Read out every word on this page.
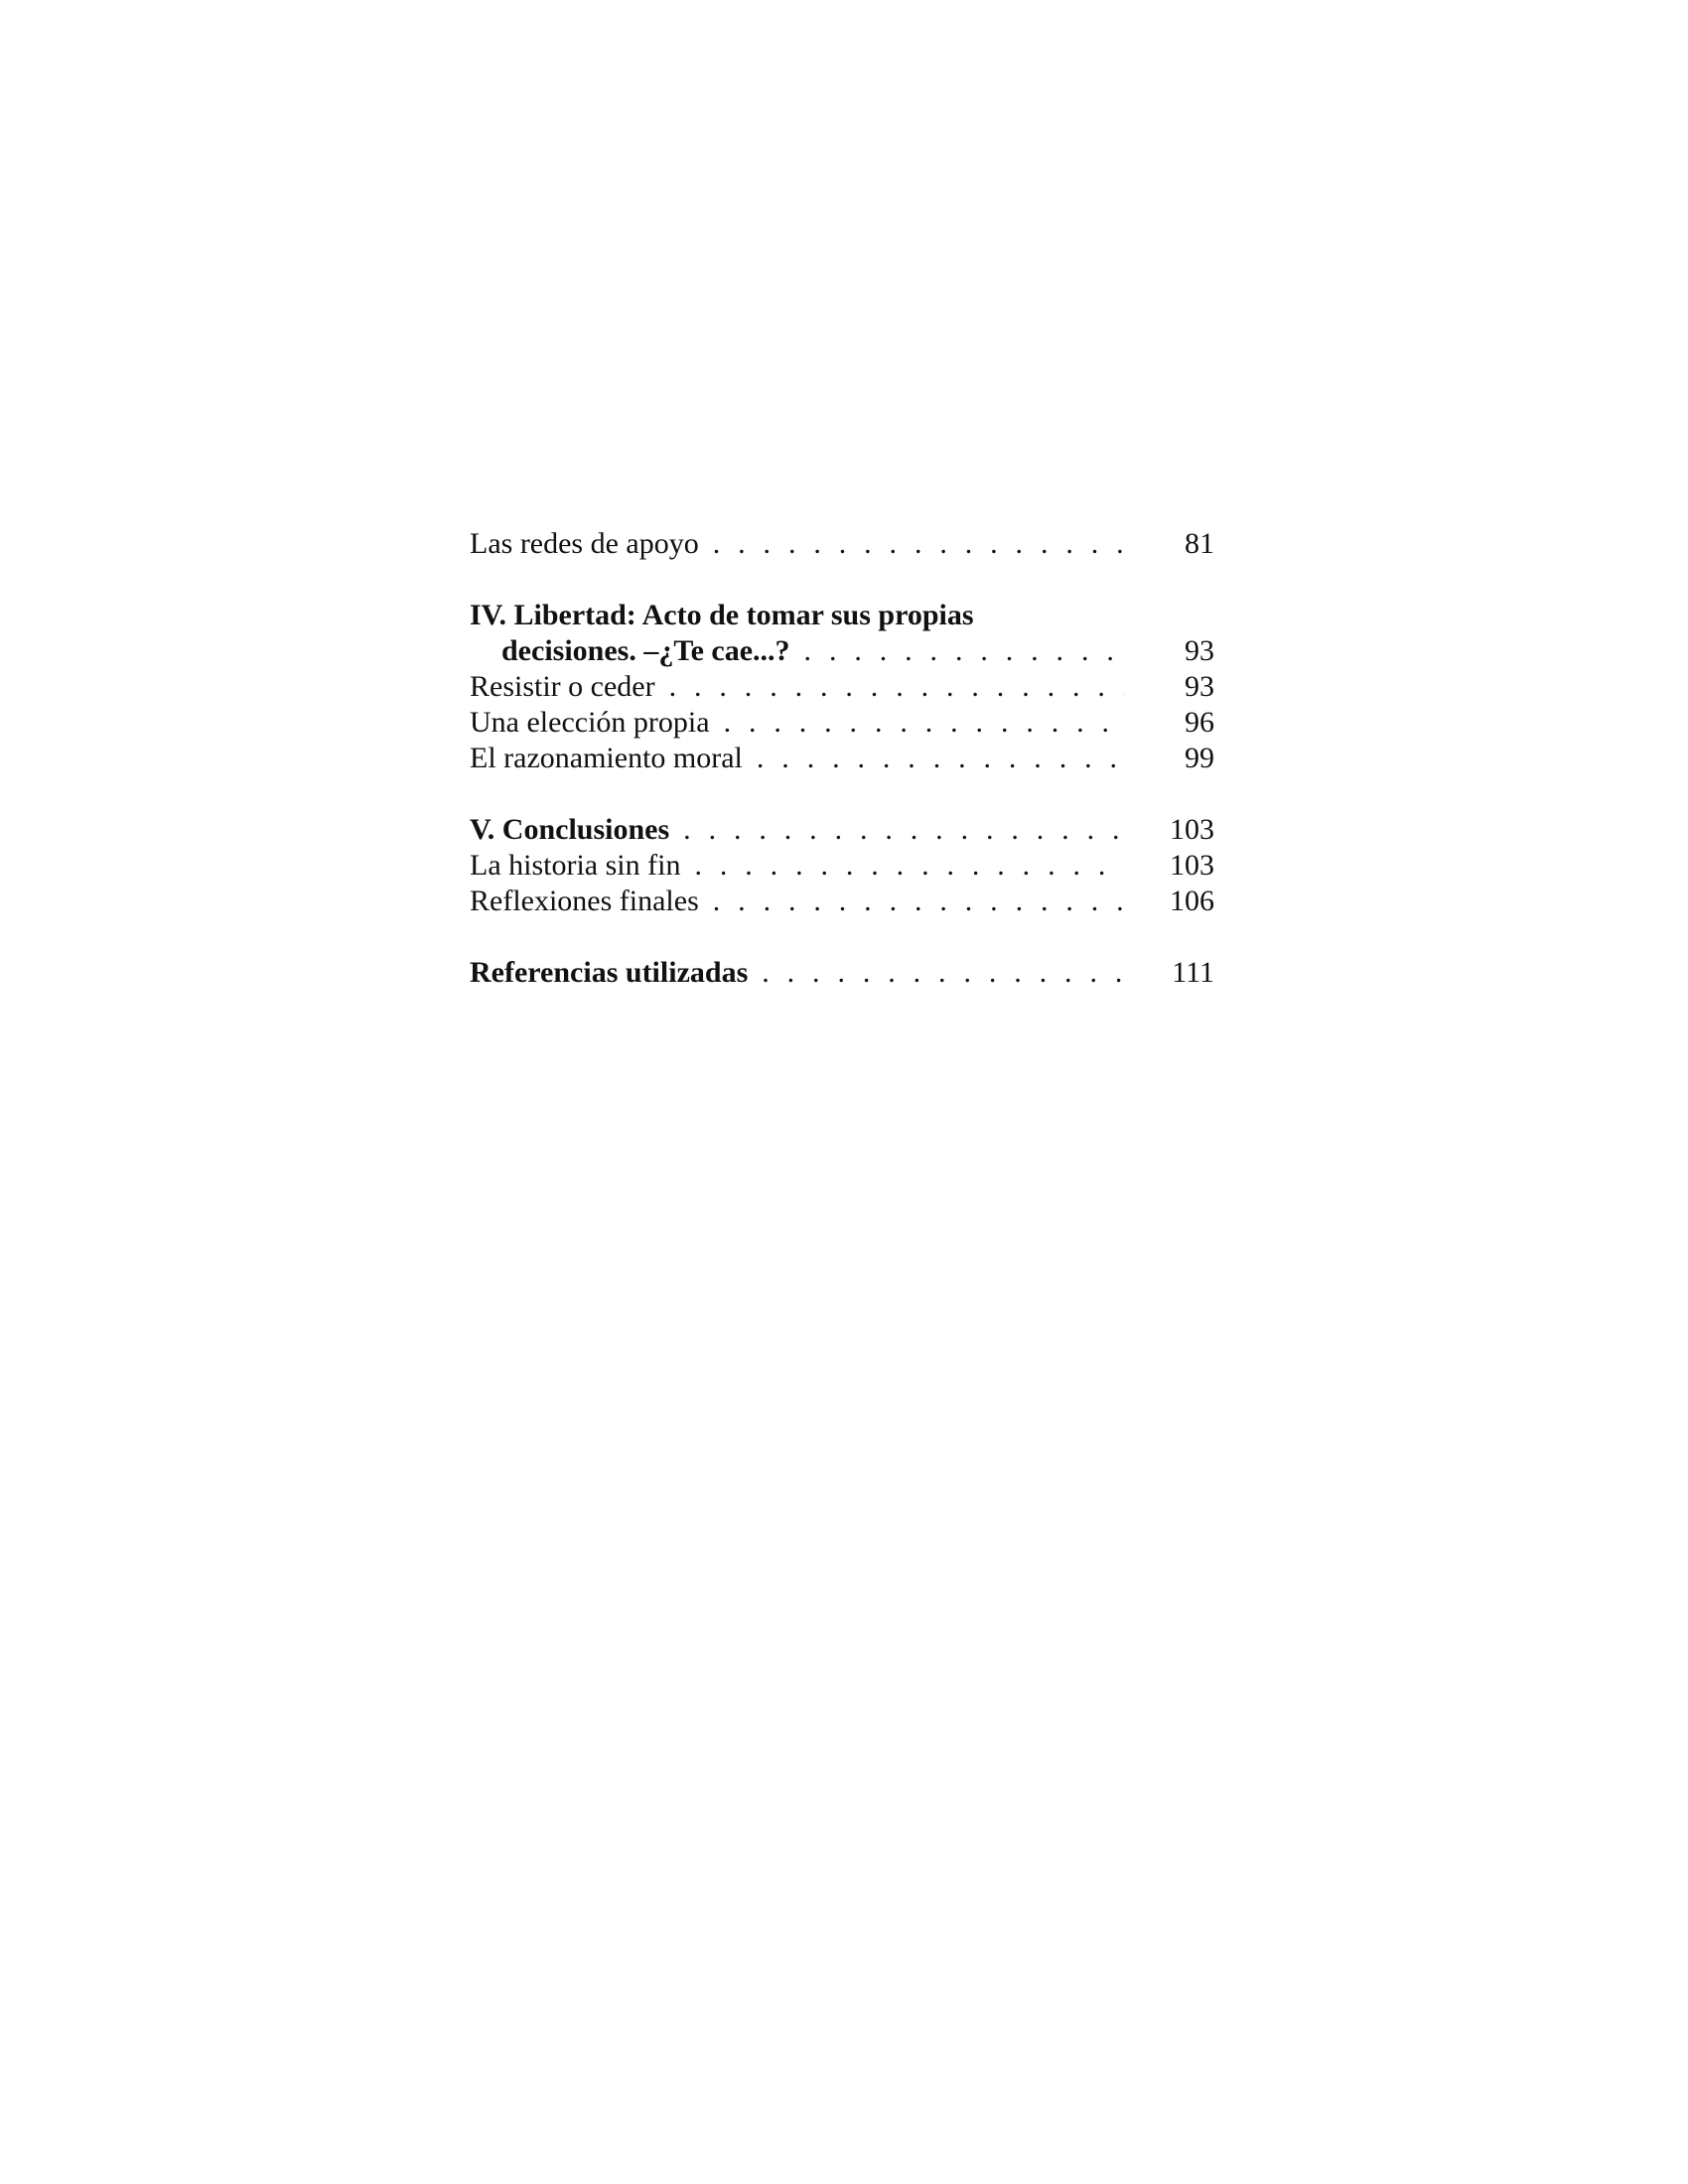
Las redes de apoyo . . .	81
IV. Libertad: Acto de tomar sus propias
decisiones. –¿Te cae...? . . .	93
Resistir o ceder . . .	93
Una elección propia . . .	96
El razonamiento moral . . .	99
V. Conclusiones . . .	103
La historia sin fin . . .	103
Reflexiones finales . . .	106
Referencias utilizadas . . .	111
